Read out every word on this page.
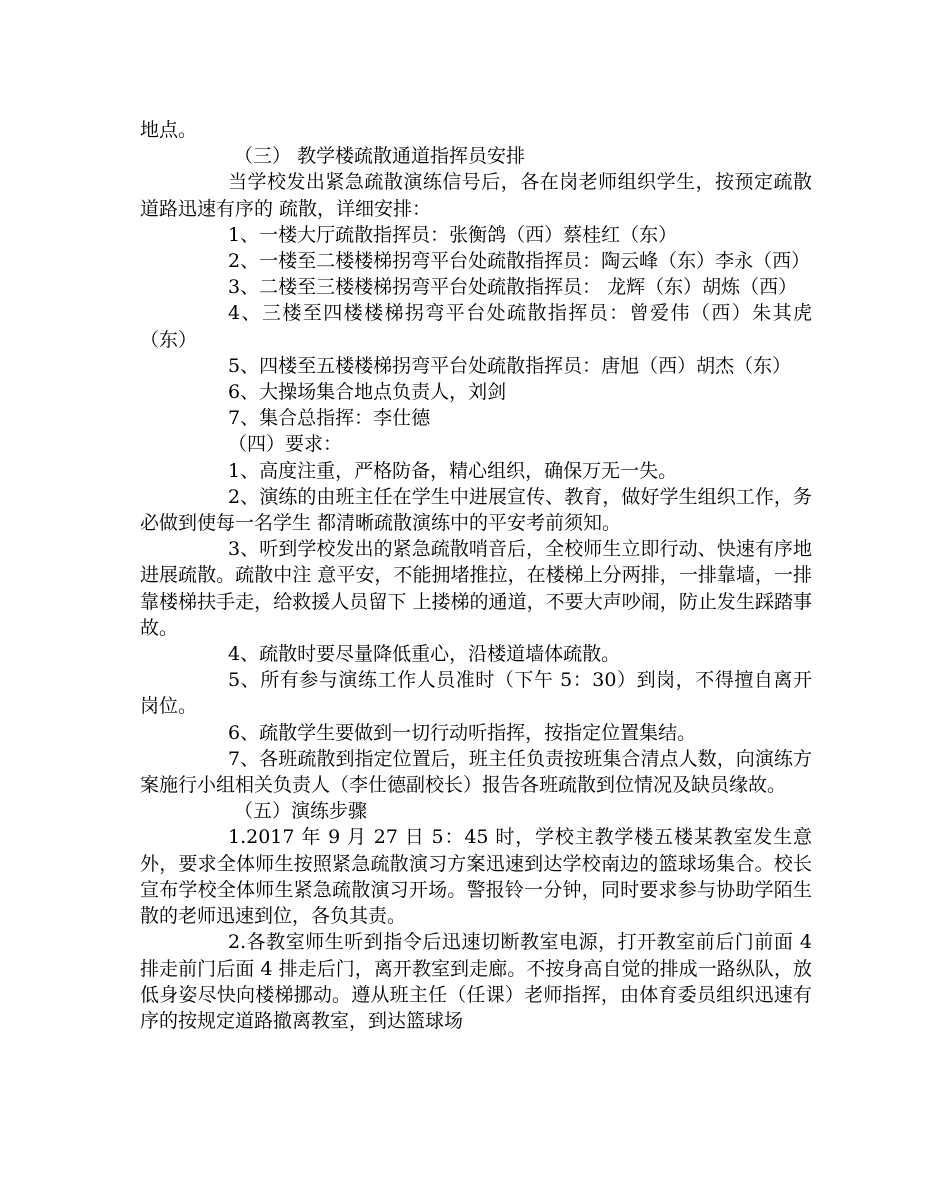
地点。

（三） 教学楼疏散通道指挥员安排

当学校发出紧急疏散演练信号后，各在岗老师组织学生，按预定疏散道路迅速有序的 疏散，详细安排：

1、一楼大厅疏散指挥员：张衡鸽（西）蔡桂红（东）

2、一楼至二楼楼梯拐弯平台处疏散指挥员：陶云峰（东）李永（西）

3、二楼至三楼楼梯拐弯平台处疏散指挥员： 龙辉（东）胡炼（西）

4、三楼至四楼楼梯拐弯平台处疏散指挥员：曾爱伟（西）朱其虎（东）

5、四楼至五楼楼梯拐弯平台处疏散指挥员：唐旭（西）胡杰（东）

6、大操场集合地点负责人，刘剑

7、集合总指挥：李仕德

（四）要求：

1、高度注重，严格防备，精心组织，确保万无一失。

2、演练的由班主任在学生中进展宣传、教育，做好学生组织工作，务必做到使每一名学生 都清晰疏散演练中的平安考前须知。

3、听到学校发出的紧急疏散哨音后，全校师生立即行动、快速有序地进展疏散。疏散中注 意平安，不能拥堵推拉，在楼梯上分两排，一排靠墙，一排靠楼梯扶手走，给救援人员留下 上搂梯的通道，不要大声吵闹，防止发生踩踏事故。

4、疏散时要尽量降低重心，沿楼道墙体疏散。

5、所有参与演练工作人员准时（下午 5：30）到岗，不得擅自离开岗位。

6、疏散学生要做到一切行动听指挥，按指定位置集结。

7、各班疏散到指定位置后，班主任负责按班集合清点人数，向演练方案施行小组相关负责人（李仕德副校长）报告各班疏散到位情况及缺员缘故。

（五）演练步骤

1.2017 年 9 月 27 日 5：45 时，学校主教学楼五楼某教室发生意外，要求全体师生按照紧急疏散演习方案迅速到达学校南边的篮球场集合。校长宣布学校全体师生紧急疏散演习开场。警报铃一分钟，同时要求参与协助学陌生散的老师迅速到位，各负其责。

2.各教室师生听到指令后迅速切断教室电源，打开教室前后门前面 4 排走前门后面 4 排走后门，离开教室到走廊。不按身高自觉的排成一路纵队，放低身姿尽快向楼梯挪动。遵从班主任（任课）老师指挥，由体育委员组织迅速有序的按规定道路撤离教室，到达篮球场
